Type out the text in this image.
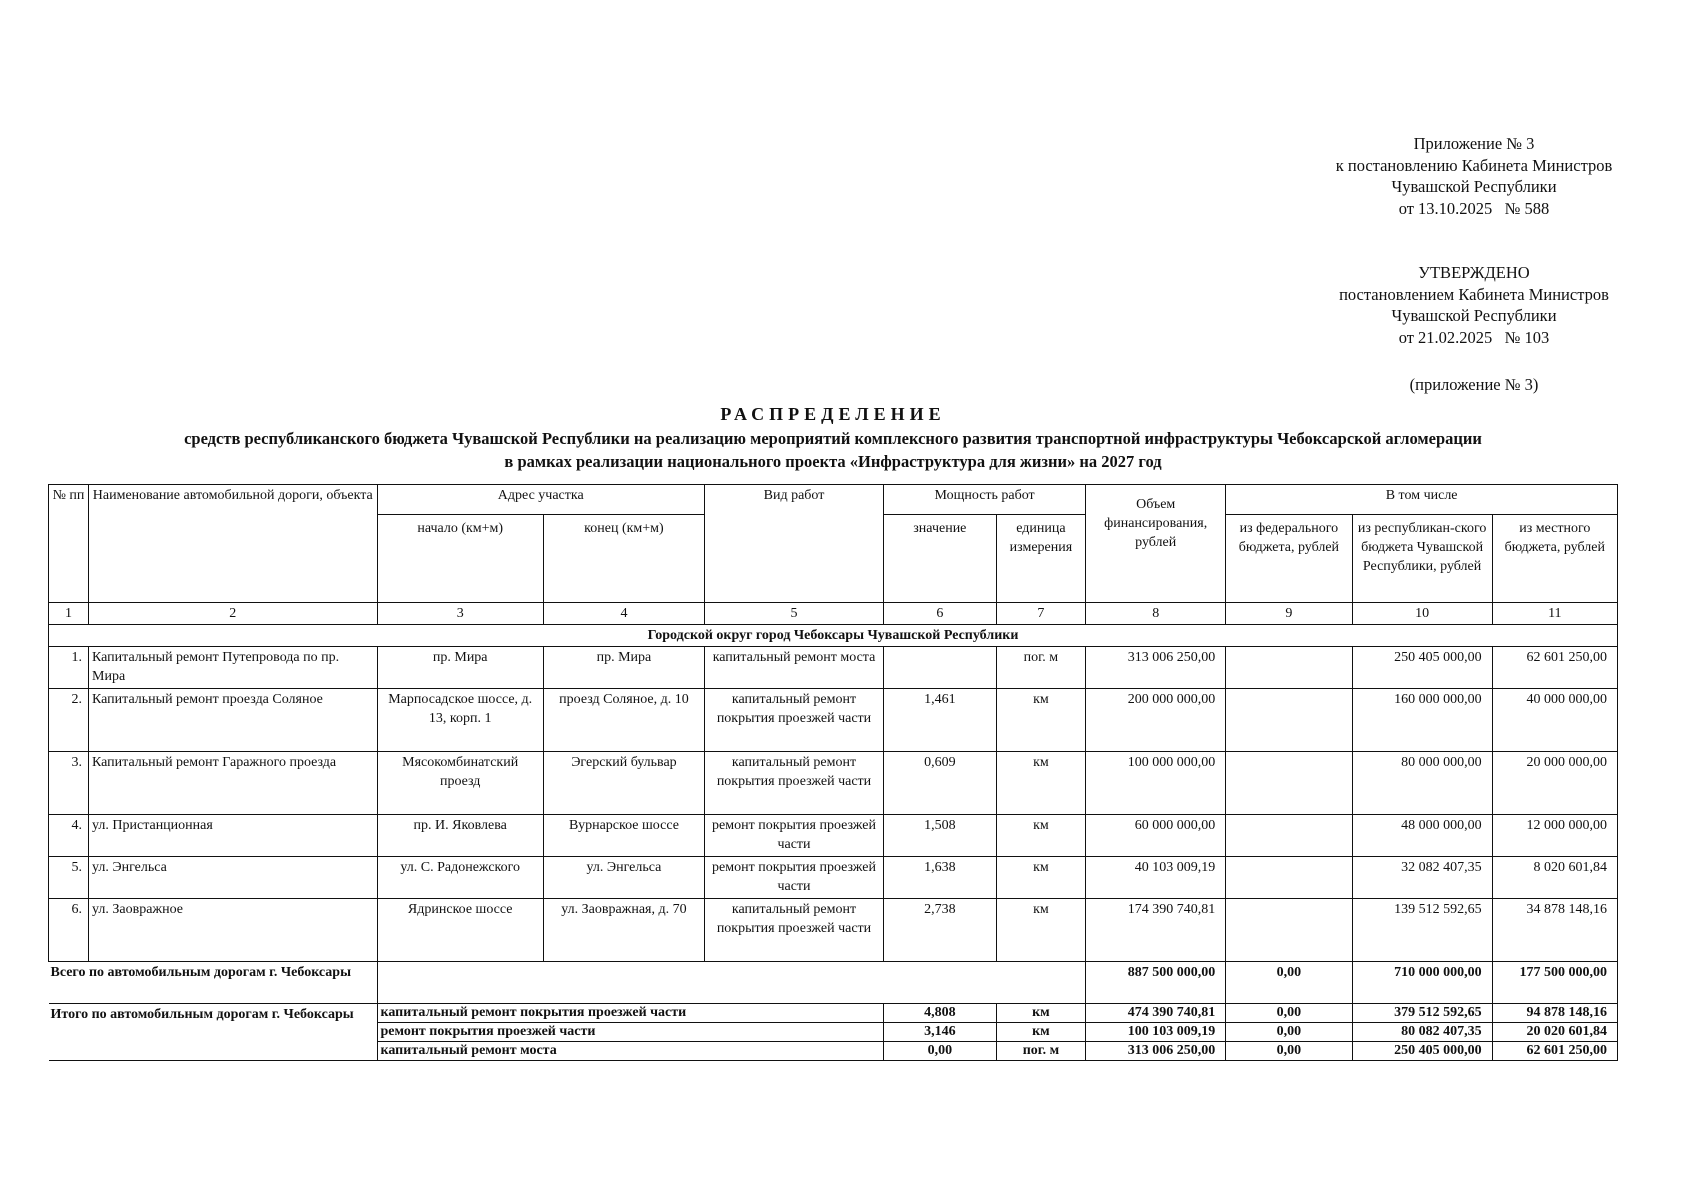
Приложение № 3
к постановлению Кабинета Министров
Чувашской Республики
от 13.10.2025   № 588
УТВЕРЖДЕНО
постановлением Кабинета Министров
Чувашской Республики
от 21.02.2025   № 103
(приложение № 3)
РАСПРЕДЕЛЕНИЕ
средств республиканского бюджета Чувашской Республики на реализацию мероприятий комплексного развития транспортной инфраструктуры Чебоксарской агломерации
в рамках реализации национального проекта «Инфраструктура для жизни» на 2027 год
№ пп	Наименование автомобильной дороги, объекта	Адрес участка		Вид работ	Мощность работ		Объем финансирования, рублей	В том числе		
		начало (км+м)	конец (км+м)		значение	единица измерения		из федерального бюджета, рублей	из республикан-ского бюджета Чувашской Республики, рублей	из местного бюджета, рублей
1	2	3	4	5	6	7	8	9	10	11
Городской округ город Чебоксары Чувашской Республики										
1.	Капитальный ремонт Путепровода по пр. Мира	пр. Мира	пр. Мира	капитальный ремонт моста		пог. м	313 006 250,00		250 405 000,00	62 601 250,00
2.	Капитальный ремонт проезда Соляное	Марпосадское шоссе, д. 13, корп. 1	проезд Соляное, д. 10	капитальный ремонт покрытия проезжей части	1,461	км	200 000 000,00		160 000 000,00	40 000 000,00
3.	Капитальный ремонт Гаражного проезда	Мясокомбинатский проезд	Эгерский бульвар	капитальный ремонт покрытия проезжей части	0,609	км	100 000 000,00		80 000 000,00	20 000 000,00
4.	ул. Пристанционная	пр. И. Яковлева	Вурнарское шоссе	ремонт покрытия проезжей части	1,508	км	60 000 000,00		48 000 000,00	12 000 000,00
5.	ул. Энгельса	ул. С. Радонежского	ул. Энгельса	ремонт покрытия проезжей части	1,638	км	40 103 009,19		32 082 407,35	8 020 601,84
6.	ул. Заовражное	Ядринское шоссе	ул. Заовражная, д. 70	капитальный ремонт покрытия проезжей части	2,738	км	174 390 740,81		139 512 592,65	34 878 148,16
Всего по автомобильным дорогам г. Чебоксары							887 500 000,00	0,00	710 000 000,00	177 500 000,00
Итого по автомобильным дорогам г. Чебоксары		капитальный ремонт покрытия проезжей части			4,808	км	474 390 740,81	0,00	379 512 592,65	94 878 148,16
		ремонт покрытия проезжей части			3,146	км	100 103 009,19	0,00	80 082 407,35	20 020 601,84
		капитальный ремонт моста			0,00	пог. м	313 006 250,00	0,00	250 405 000,00	62 601 250,00
